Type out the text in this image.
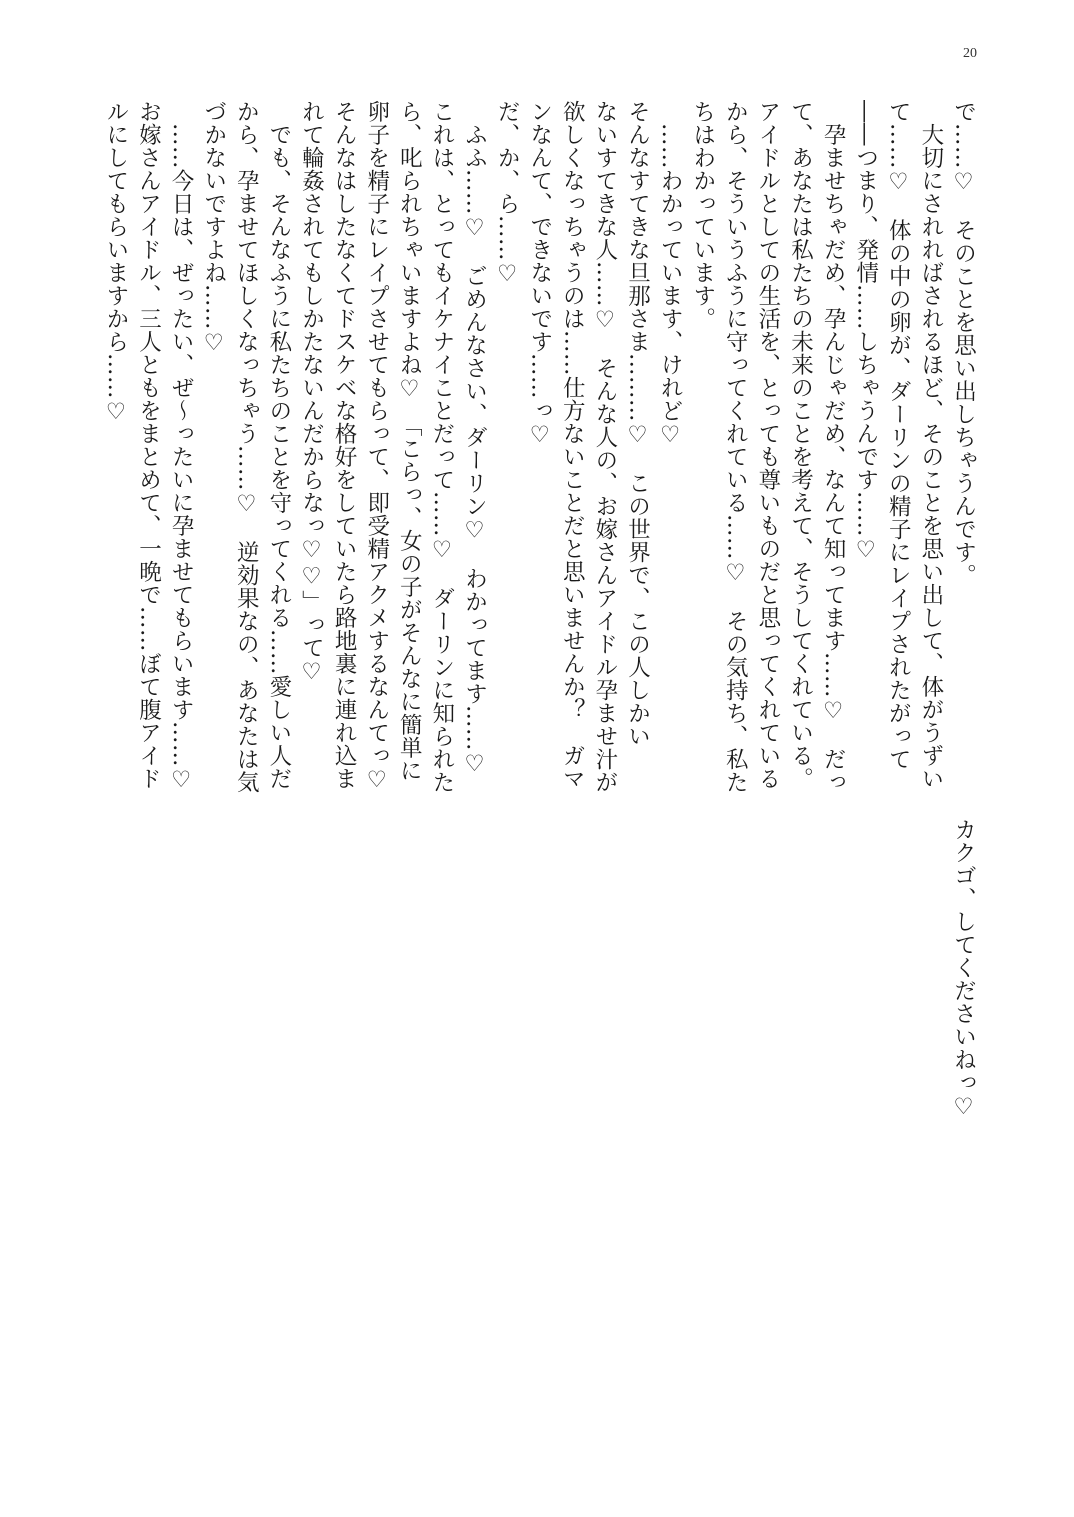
20
で……♡　そのことを思い出しちゃうんです。
　大切にされればされるほど、そのことを思い出して、体がうずい
て……♡　体の中の卵が、ダーリンの精子にレイプされたがって
――つまり、発情……しちゃうんです……♡
　孕ませちゃだめ、孕んじゃだめ、なんて知ってます……♡　だっ
て、あなたは私たちの未来のことを考えて、そうしてくれている。
アイドルとしての生活を、とっても尊いものだと思ってくれている
から、そういうふうに守ってくれている……♡　その気持ち、私た
ちはわかっています。
　……わかっています、けれど♡
そんなすてきな旦那さま………♡　この世界で、この人しかい
ないすてきな人……♡　そんな人の、お嫁さんアイドル孕ませ汁が
欲しくなっちゃうのは……仕方ないことだと思いませんか？　ガマ
ンなんて、できないです……っ♡
だ、か、ら……♡
　ふふ……♡　ごめんなさい、ダーリン♡　わかってます……♡
これは、とってもイケナイことだって……♡　ダーリンに知られた
ら、叱られちゃいますよね♡　「こらっ、女の子がそんなに簡単に
卵子を精子にレイプさせてもらって、即受精アクメするなんてっ♡
そんなはしたなくてドスケベな格好をしていたら路地裏に連れ込ま
れて輪姦されてもしかたないんだからなっ♡♡」って♡
　でも、そんなふうに私たちのことを守ってくれる……愛しい人だ
から、孕ませてほしくなっちゃう……♡　逆効果なの、あなたは気
づかないですよね……♡
　……今日は、ぜったい、ぜ～ったいに孕ませてもらいます……♡
お嫁さんアイドル、三人ともをまとめて、一晩で……ぼて腹アイド
ルにしてもらいますから……♡
カクゴ、してくださいねっ♡
